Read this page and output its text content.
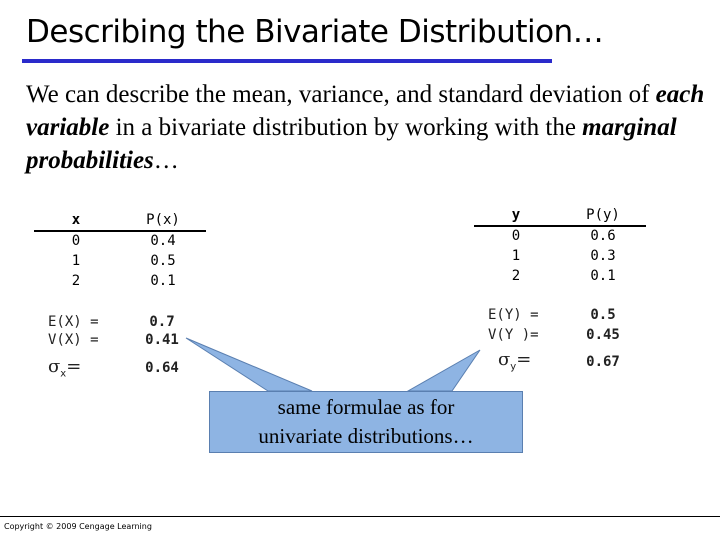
Describing the Bivariate Distribution…
We can describe the mean, variance, and standard deviation of each variable in a bivariate distribution by working with the marginal probabilities…
x
0
1
2
P(x)
0.4
0.5
0.1
E(X) =
V(X) =
0.7
0.41
$\sigma_x=$	0.64
y
0
1
2
P(y)
0.6
0.3
0.1
E(Y) =
V(Y )=
0.5
0.45
$\sigma_y=$	0.67
same formulae as for
univariate distributions…
Copyright © 2009 Cengage Learning
